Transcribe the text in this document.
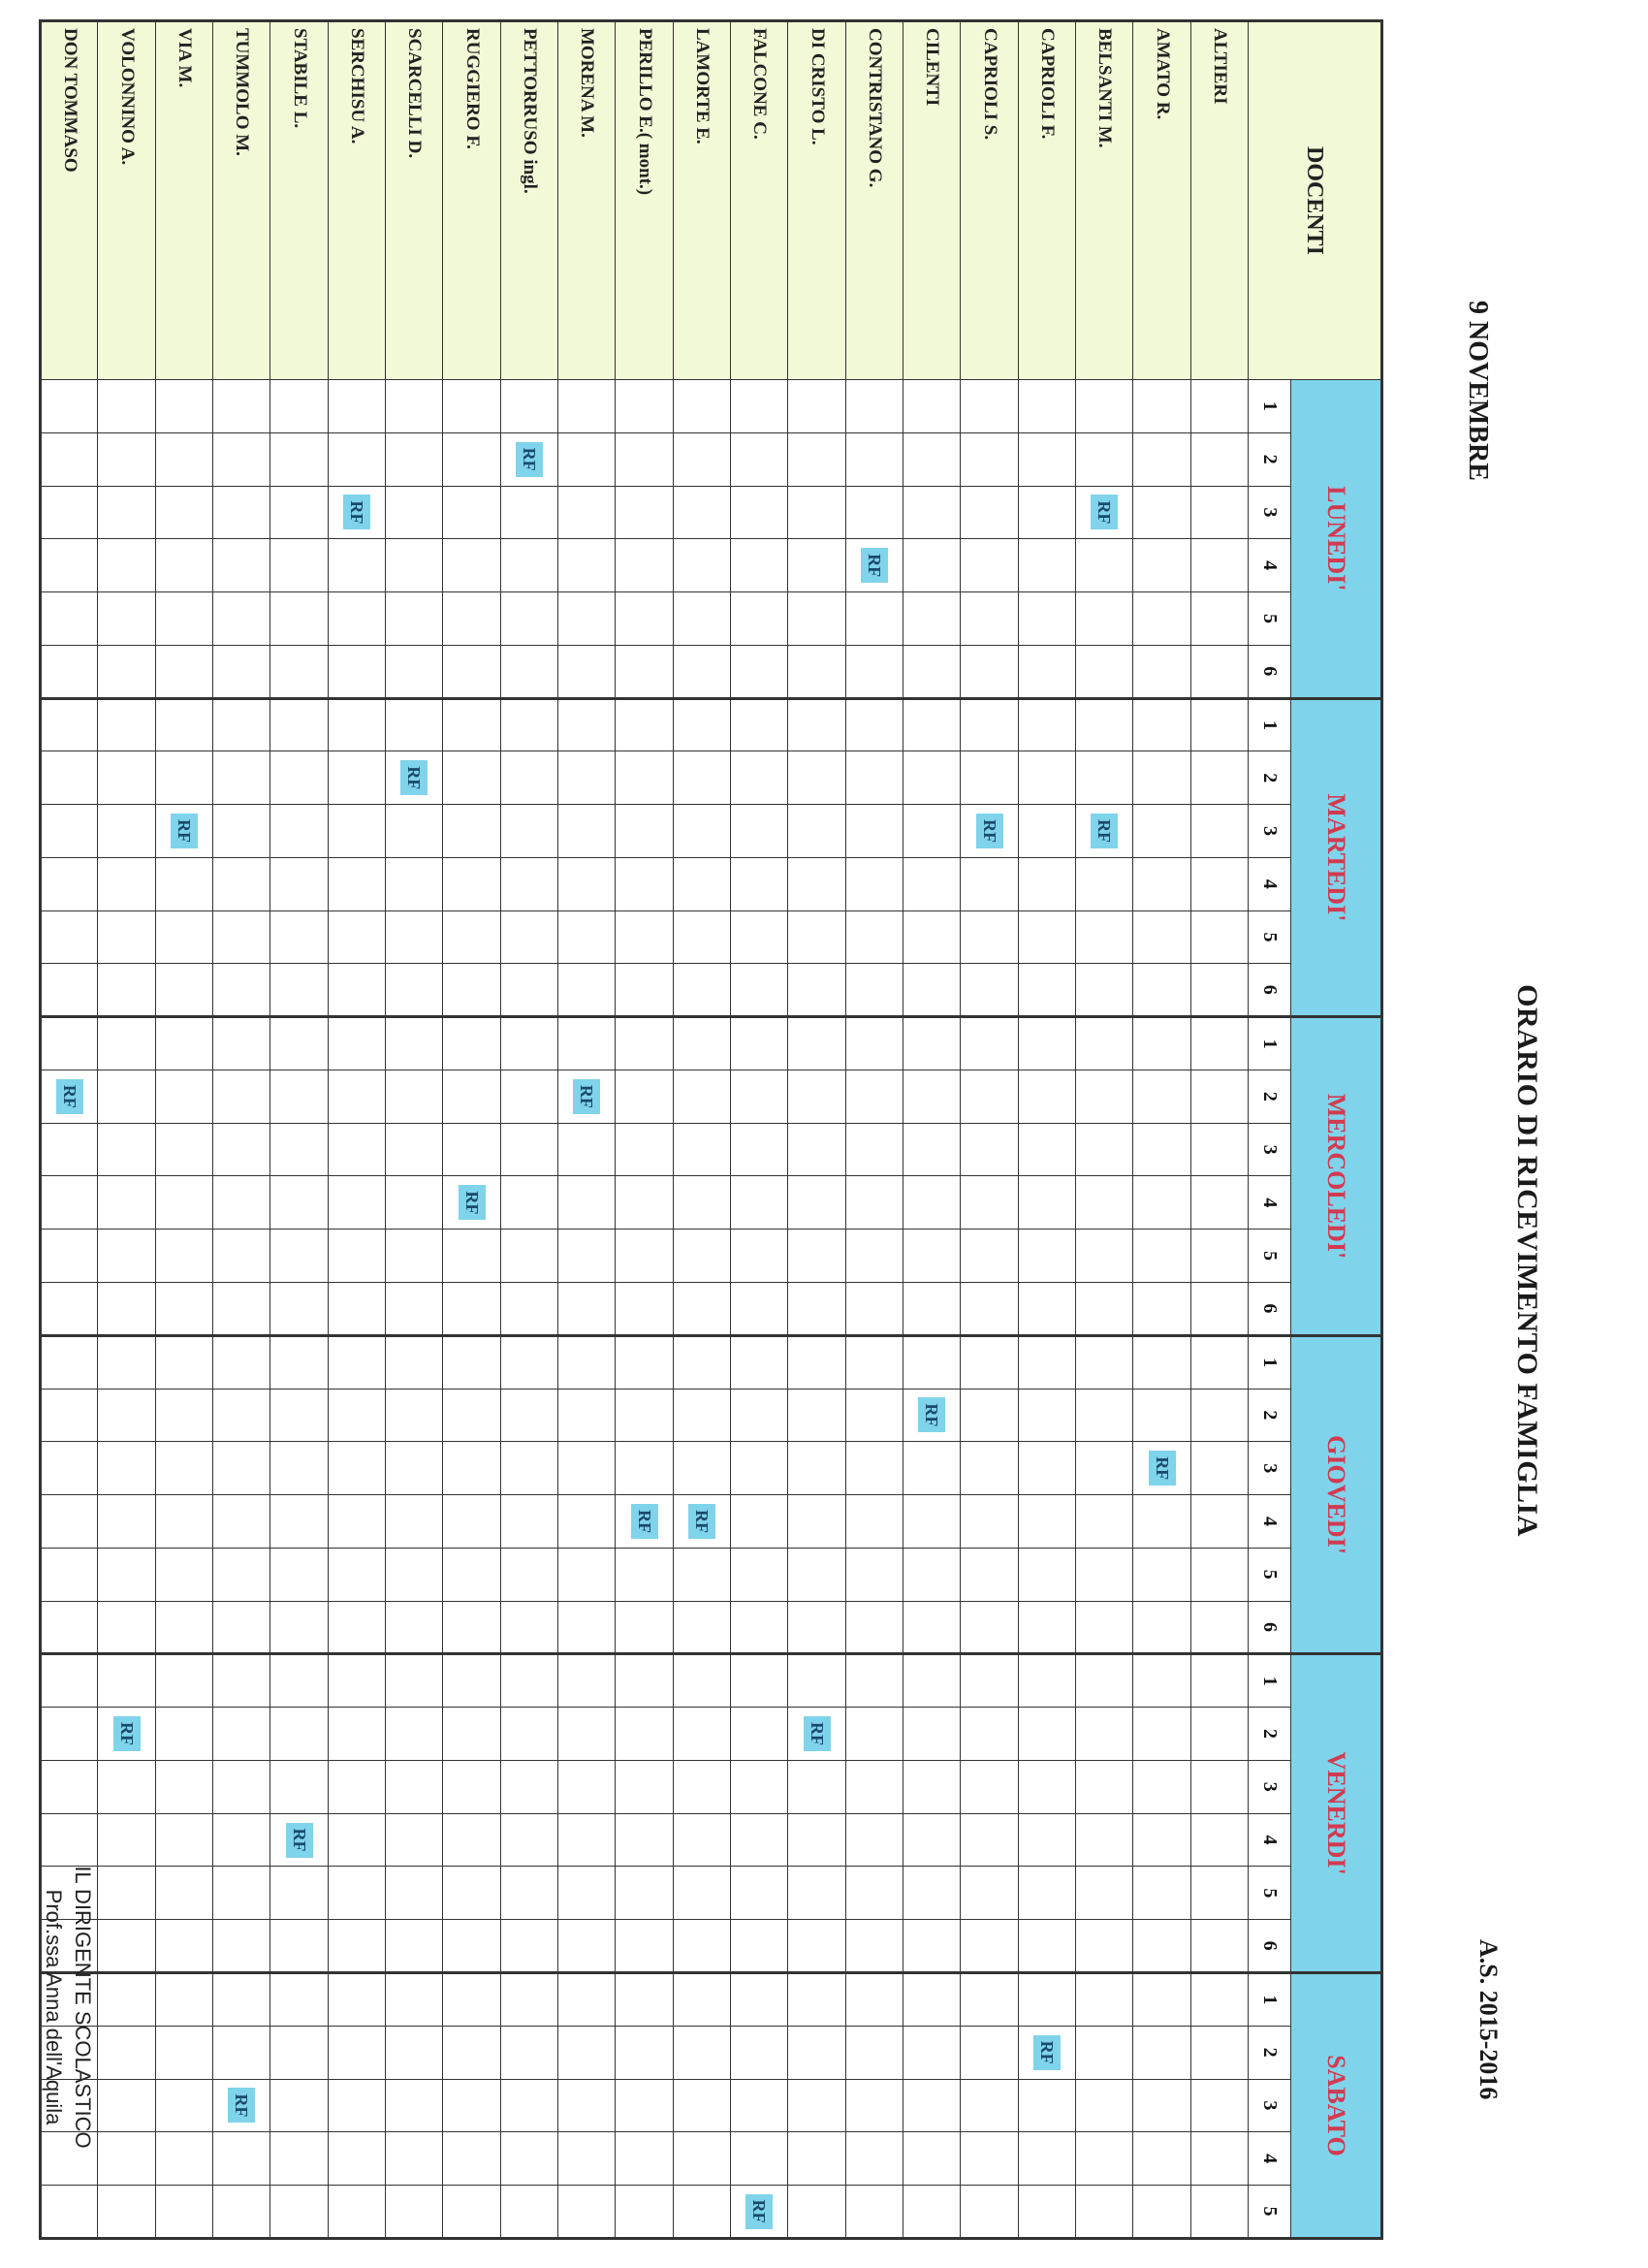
ORARIO DI RICEVIMENTO FAMIGLIA
9 NOVEMBRE
A.S. 2015-2016
DOCENTI	LUNEDI'						MARTEDI'						MERCOLEDI'						GIOVEDI'						VENERDI'						SABATO				
	1	2	3	4	5	6	1	2	3	4	5	6	1	2	3	4	5	6	1	2	3	4	5	6	1	2	3	4	5	6	1	2	3	4	5
ALTIERI																																			
AMATO R.																					RF														
BELSANTI M.			RF						RF																										
CAPRIOLI F.																																RF			
CAPRIOLI S.									RF																										
CILENTI																				RF															
CONTRISTANO G.				RF																															
DI CRISTO L.																										RF									
FALCONE C.																																			RF
LAMORTE E.																						RF													
PERILLO E.( mont.)																						RF													
MORENA M.														RF																					
PETTORRUSO ingl.		RF																																	
RUGGIERO F.																RF																			
SCARCELLI D.								RF																											
SERCHISU A.			RF																																
STABILE L.																												RF							
TUMMOLO M.																																	RF		
VIA M.									RF																										
VOLONNINO A.																										RF									
DON TOMMASO														RF																					
IL DIRIGENTE SCOLASTICO
Prof.ssa Anna dell'Aquila
